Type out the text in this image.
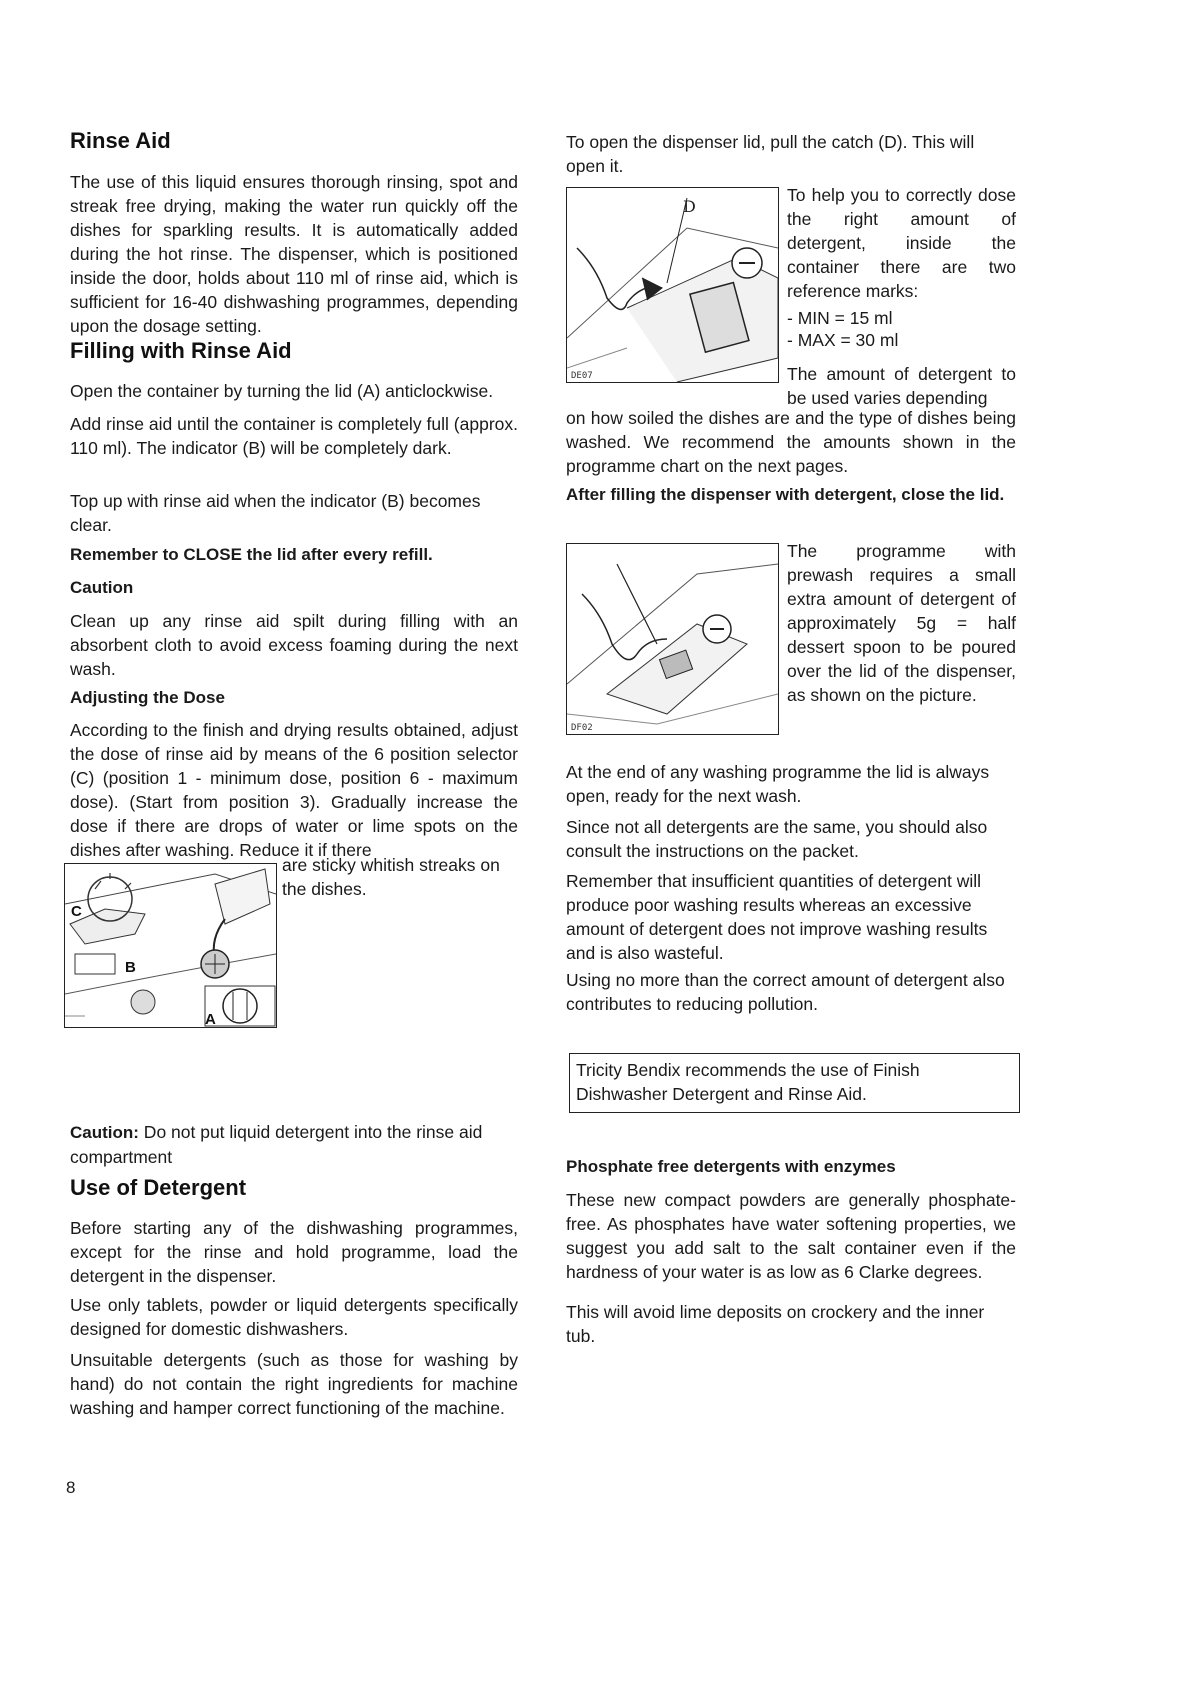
Rinse Aid

The use of this liquid ensures thorough rinsing, spot and streak free drying, making the water run quickly off the dishes for sparkling results. It is automatically added during the hot rinse. The dispenser, which is positioned inside the door, holds about 110 ml of rinse aid, which is sufficient for 16-40 dishwashing programmes, depending upon the dosage setting.

Filling with Rinse Aid

Open the container by turning the lid (A) anticlockwise.

Add rinse aid until the container is completely full (approx. 110 ml). The indicator (B) will be completely dark.

Top up with rinse aid when the indicator (B) becomes clear.

Remember to CLOSE the lid after every refill.

Caution

Clean up any rinse aid spilt during filling with an absorbent cloth to avoid excess foaming during the next wash.

Adjusting the Dose

According to the finish and drying results obtained, adjust the dose of rinse aid by means of the 6 position selector (C) (position 1 - minimum dose, position 6 - maximum dose). (Start from position 3). Gradually increase the dose if there are drops of water or lime spots on the dishes after washing. Reduce it if there

are sticky whitish streaks on the dishes.

Caution: Do not put liquid detergent into the rinse aid compartment

Use of Detergent

Before starting any of the dishwashing programmes, except for the rinse and hold programme, load the detergent in the dispenser.

Use only tablets, powder or liquid detergents specifically designed for domestic dishwashers.

Unsuitable detergents (such as those for washing by hand) do not contain the right ingredients for machine washing and hamper correct functioning of the machine.

C
B
A

To open the dispenser lid, pull the catch (D). This will open it.

To help you to correctly dose the right amount of detergent, inside the container there are two reference marks:

- MIN = 15 ml

- MAX = 30 ml

The amount of detergent to be used varies depending

on how soiled the dishes are and the type of dishes being washed. We recommend the amounts shown in the programme chart on the next pages.

After filling the dispenser with detergent, close the lid.

The programme with prewash requires a small extra amount of detergent of approximately 5g = half dessert spoon to be poured over the lid of the dispenser, as shown on the picture.

At the end of any washing programme the lid is always open, ready for the next wash.

Since not all detergents are the same, you should also consult the instructions on the packet.

Remember that insufficient quantities of detergent will produce poor washing results whereas an excessive amount of detergent does not improve washing results and is also wasteful.

Using no more than the correct amount of detergent also contributes to reducing pollution.

Phosphate free detergents with enzymes

These new compact powders are generally phosphate-free. As phosphates have water softening properties, we suggest you add salt to the salt container even if the hardness of your water is as low as 6 Clarke degrees.

This will avoid lime deposits on crockery and the inner tub.

Tricity Bendix recommends the use of Finish Dishwasher Detergent and Rinse Aid.

D
DE07
DF02
8
